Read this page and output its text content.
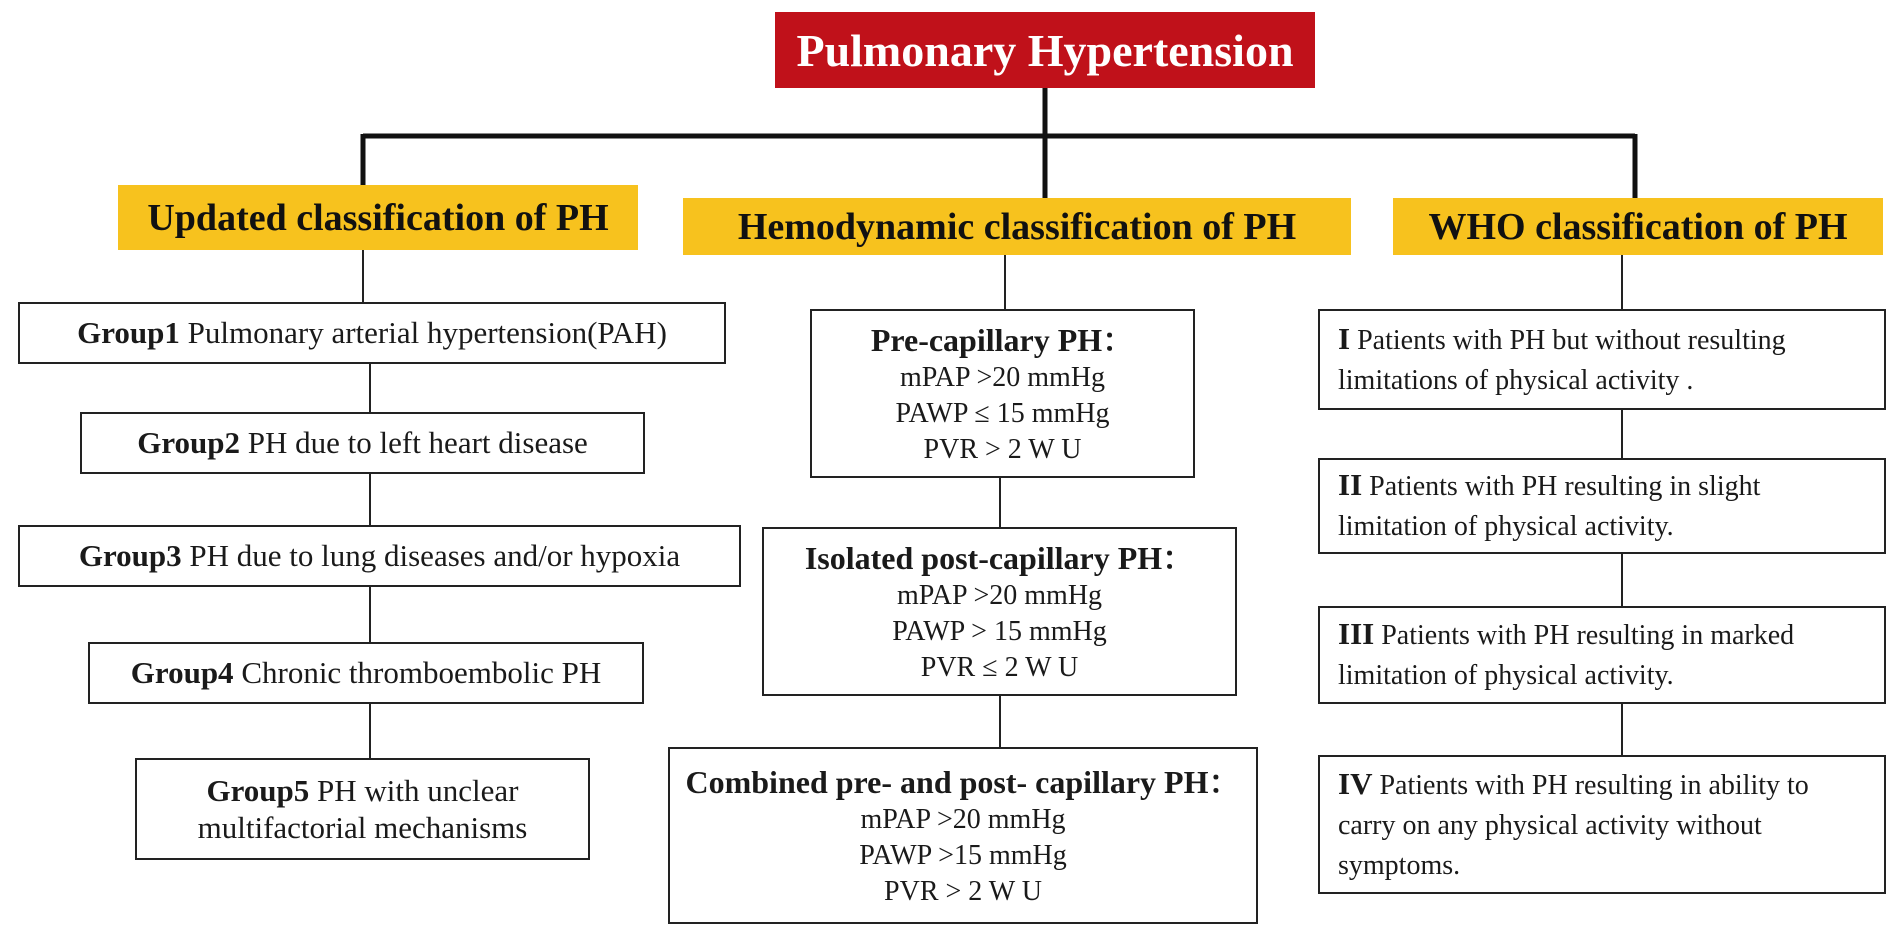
Pulmonary Hypertension
Updated classification of PH	Hemodynamic classification of PH	WHO classification of PH
Group1 Pulmonary arterial hypertension(PAH)
Group2 PH due to left heart disease
Group3 PH due to lung diseases and/or hypoxia
Group4 Chronic thromboembolic PH
Group5 PH with unclear
multifactorial mechanisms
Pre-capillary PH：
mPAP >20 mmHg
PAWP ≤ 15 mmHg
PVR > 2 W U
Isolated post-capillary PH：
mPAP >20 mmHg
PAWP > 15 mmHg
PVR ≤ 2 W U
Combined pre- and post- capillary PH：
mPAP >20 mmHg
PAWP >15 mmHg
PVR > 2 W U
I Patients with PH but without resulting limitations of physical activity .
II Patients with PH resulting in slight limitation of physical activity.
III Patients with PH resulting in marked limitation of physical activity.
IV Patients with PH resulting in ability to carry on any physical activity without symptoms.
